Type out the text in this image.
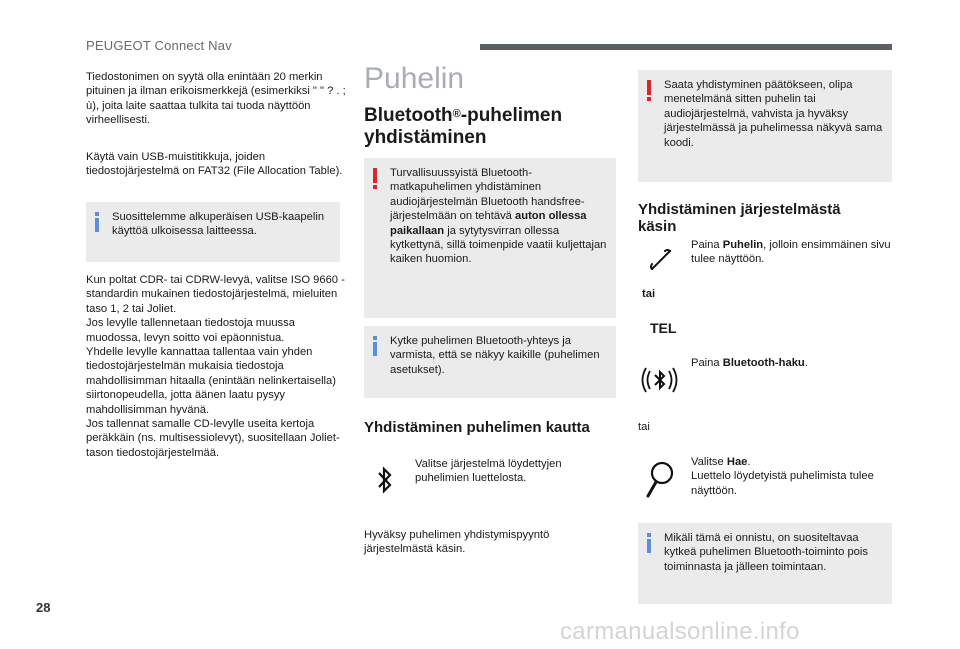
PEUGEOT Connect Nav
Tiedostonimen on syytä olla enintään 20 merkin pituinen ja ilman erikoismerkkejä (esimerkiksi " " ? . ; ù), joita laite saattaa tulkita tai tuoda näyttöön virheellisesti.
Käytä vain USB-muistitikkuja, joiden tiedostojärjestelmä on FAT32 (File Allocation Table).
Suosittelemme alkuperäisen USB-kaapelin käyttöä ulkoisessa laitteessa.
Kun poltat CDR- tai CDRW-levyä, valitse ISO 9660 -standardin mukainen tiedostojärjestelmä, mieluiten taso 1, 2 tai Joliet.
Jos levylle tallennetaan tiedostoja muussa muodossa, levyn soitto voi epäonnistua.
Yhdelle levylle kannattaa tallentaa vain yhden tiedostojärjestelmän mukaisia tiedostoja mahdollisimman hitaalla (enintään nelinkertaisella) siirtonopeudella, jotta äänen laatu pysyy mahdollisimman hyvänä.
Jos tallennat samalle CD-levylle useita kertoja peräkkäin (ns. multisessiolevyt), suositellaan Joliet-tason tiedostojärjestelmää.
Puhelin
Bluetooth®-puhelimen yhdistäminen
Turvallisuussyistä Bluetooth-matkapuhelimen yhdistäminen audiojärjestelmän Bluetooth handsfree-järjestelmään on tehtävä auton ollessa paikallaan ja sytytysvirran ollessa kytkettynä, sillä toimenpide vaatii kuljettajan kaiken huomion.
Kytke puhelimen Bluetooth-yhteys ja varmista, että se näkyy kaikille (puhelimen asetukset).
Yhdistäminen puhelimen kautta
Valitse järjestelmä löydettyjen puhelimien luettelosta.
Hyväksy puhelimen yhdistymispyyntö järjestelmästä käsin.
Saata yhdistyminen päätökseen, olipa menetelmänä sitten puhelin tai audiojärjestelmä, vahvista ja hyväksy järjestelmässä ja puhelimessa näkyvä sama koodi.
Yhdistäminen järjestelmästä käsin
Paina Puhelin, jolloin ensimmäinen sivu tulee näyttöön.
tai
TEL
Paina Bluetooth-haku.
tai
Valitse Hae.
Luettelo löydetyistä puhelimista tulee näyttöön.
Mikäli tämä ei onnistu, on suositeltavaa kytkeä puhelimen Bluetooth-toiminto pois toiminnasta ja jälleen toimintaan.
28
carmanualsonline.info
